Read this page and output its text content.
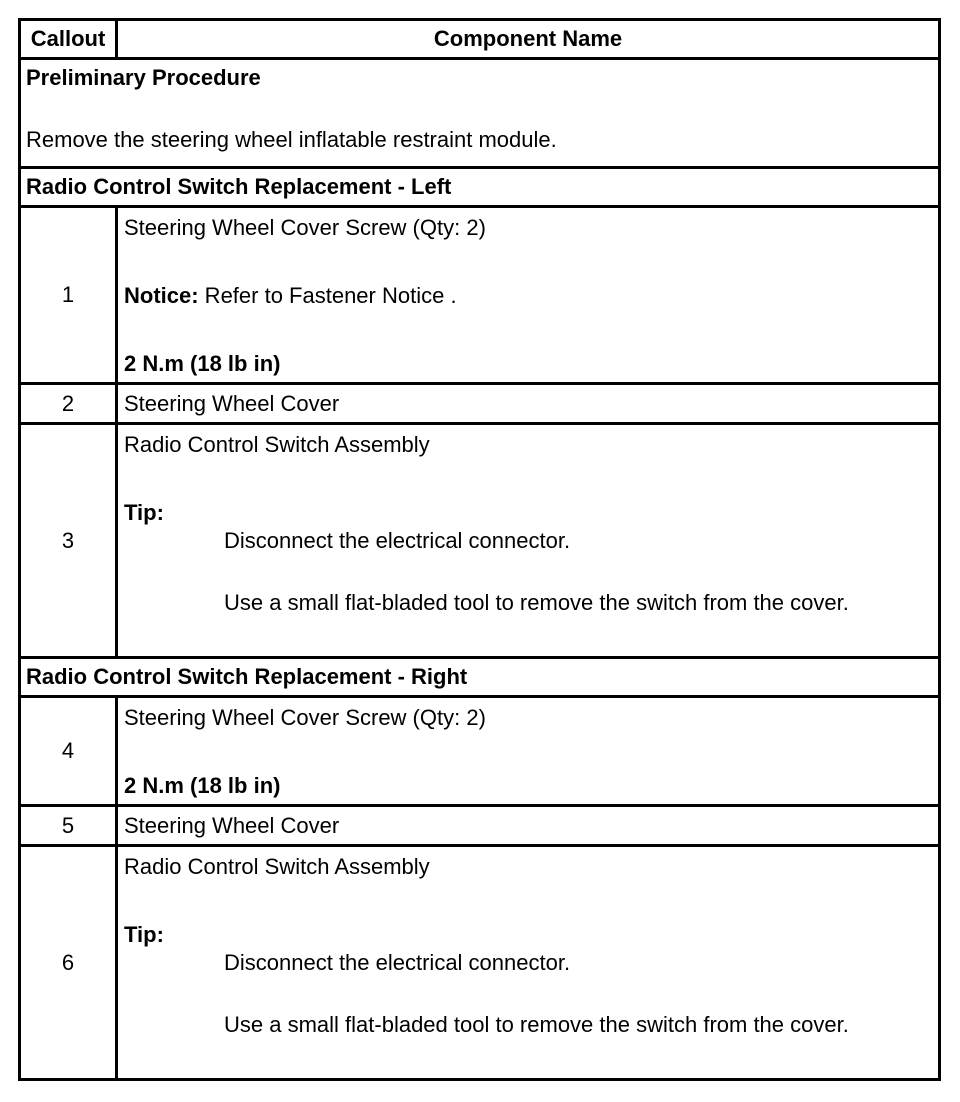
Callout	Component Name

Preliminary Procedure
Remove the steering wheel inflatable restraint module.	

Radio Control Switch Replacement - Left	
1	Steering Wheel Cover Screw (Qty: 2)
Notice: Refer to Fastener Notice .
2 N.m (18 lb in)

2	Steering Wheel Cover
3	Radio Control Switch Assembly
Tip:
Disconnect the electrical connector.
Use a small flat-bladed tool to remove the switch from the cover.

Radio Control Switch Replacement - Right	
4	Steering Wheel Cover Screw (Qty: 2)
2 N.m (18 lb in)

5	Steering Wheel Cover
6	Radio Control Switch Assembly
Tip:
Disconnect the electrical connector.
Use a small flat-bladed tool to remove the switch from the cover.
